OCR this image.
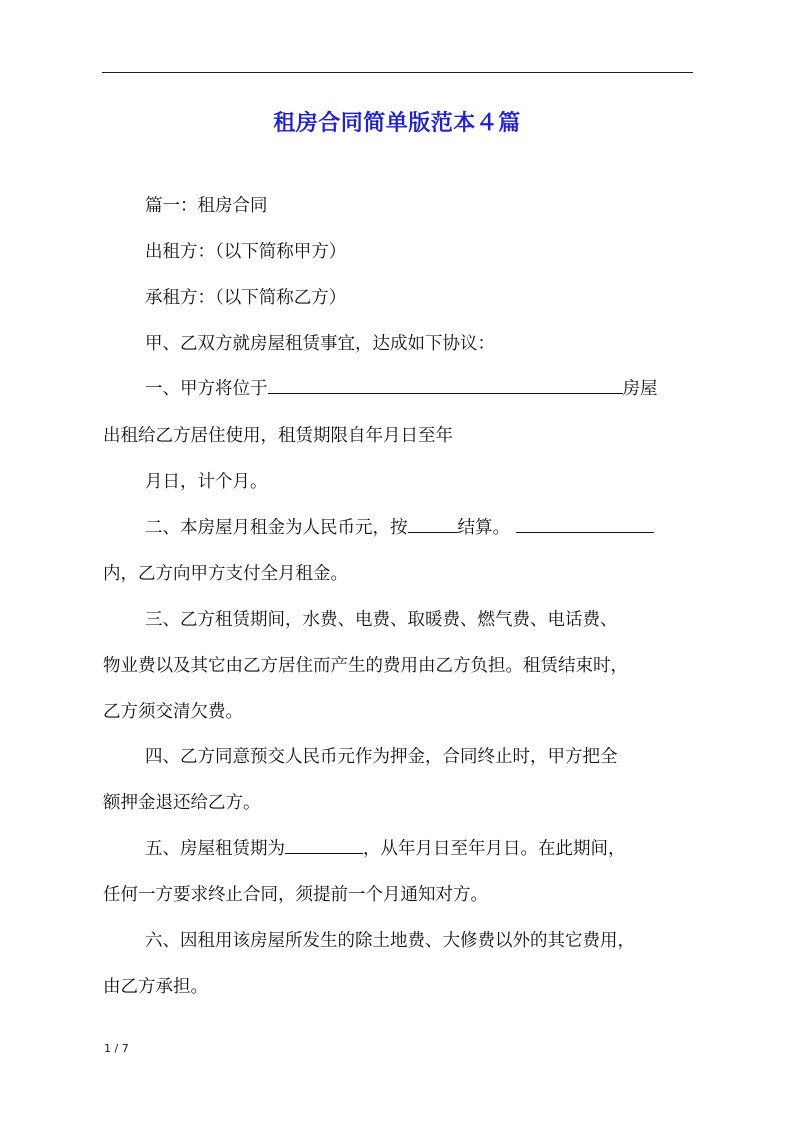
租房合同简单版范本４篇
篇一：租房合同
出租方：（以下简称甲方）
承租方：（以下简称乙方）
甲、乙双方就房屋租赁事宜，达成如下协议：
一、甲方将位于	房屋
出租给乙方居住使用，租赁期限自年月日至年
月日，计个月。
二、本房屋月租金为人民币元，按	结算。
内，乙方向甲方支付全月租金。
三、乙方租赁期间，水费、电费、取暖费、燃气费、电话费、
物业费以及其它由乙方居住而产生的费用由乙方负担。租赁结束时，
乙方须交清欠费。
四、乙方同意预交人民币元作为押金，合同终止时，甲方把全
额押金退还给乙方。
五、房屋租赁期为	，从年月日至年月日。在此期间，
任何一方要求终止合同，须提前一个月通知对方。
六、因租用该房屋所发生的除土地费、大修费以外的其它费用，
由乙方承担。
1 / 7
